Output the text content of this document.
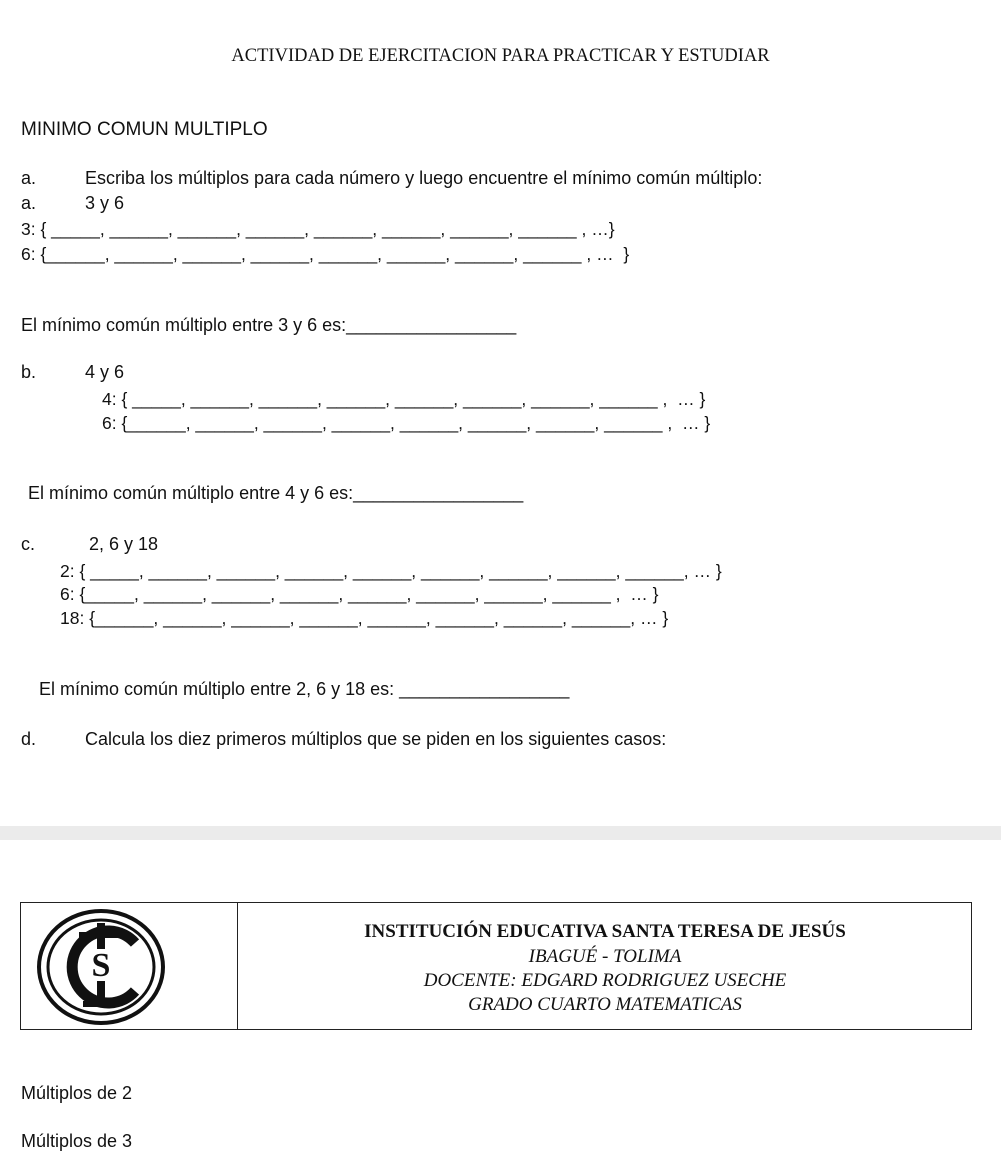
ACTIVIDAD DE EJERCITACION PARA PRACTICAR Y ESTUDIAR
MINIMO COMUN MULTIPLO
a.	Escriba los múltiplos para cada número y luego encuentre el mínimo común múltiplo:
a.	3 y 6
3: { _____, ______, ______, ______, ______, ______, ______, ______ , …}
6: {______, ______, ______, ______, ______, ______, ______, ______ , …  }
El mínimo común múltiplo entre 3 y 6 es:_________________
b.	4 y 6
4: { _____, ______, ______, ______, ______, ______, ______, ______ ,  … }
6: {______, ______, ______, ______, ______, ______, ______, ______ ,  … }
El mínimo común múltiplo entre 4 y 6 es:_________________
c.	2, 6 y 18
2: { _____, ______, ______, ______, ______, ______, ______, ______, ______, … }
6: {_____, ______, ______, ______, ______, ______, ______, ______ ,  … }
18: {______, ______, ______, ______, ______, ______, ______, ______, … }
El mínimo común múltiplo entre 2, 6 y 18 es: _________________
d.	Calcula los diez primeros múltiplos que se piden en los siguientes casos:
S
INSTITUCIÓN EDUCATIVA SANTA TERESA DE JESÚS
IBAGUÉ - TOLIMA
DOCENTE: EDGARD RODRIGUEZ USECHE
GRADO CUARTO MATEMATICAS
Múltiplos de 2
Múltiplos de 3
